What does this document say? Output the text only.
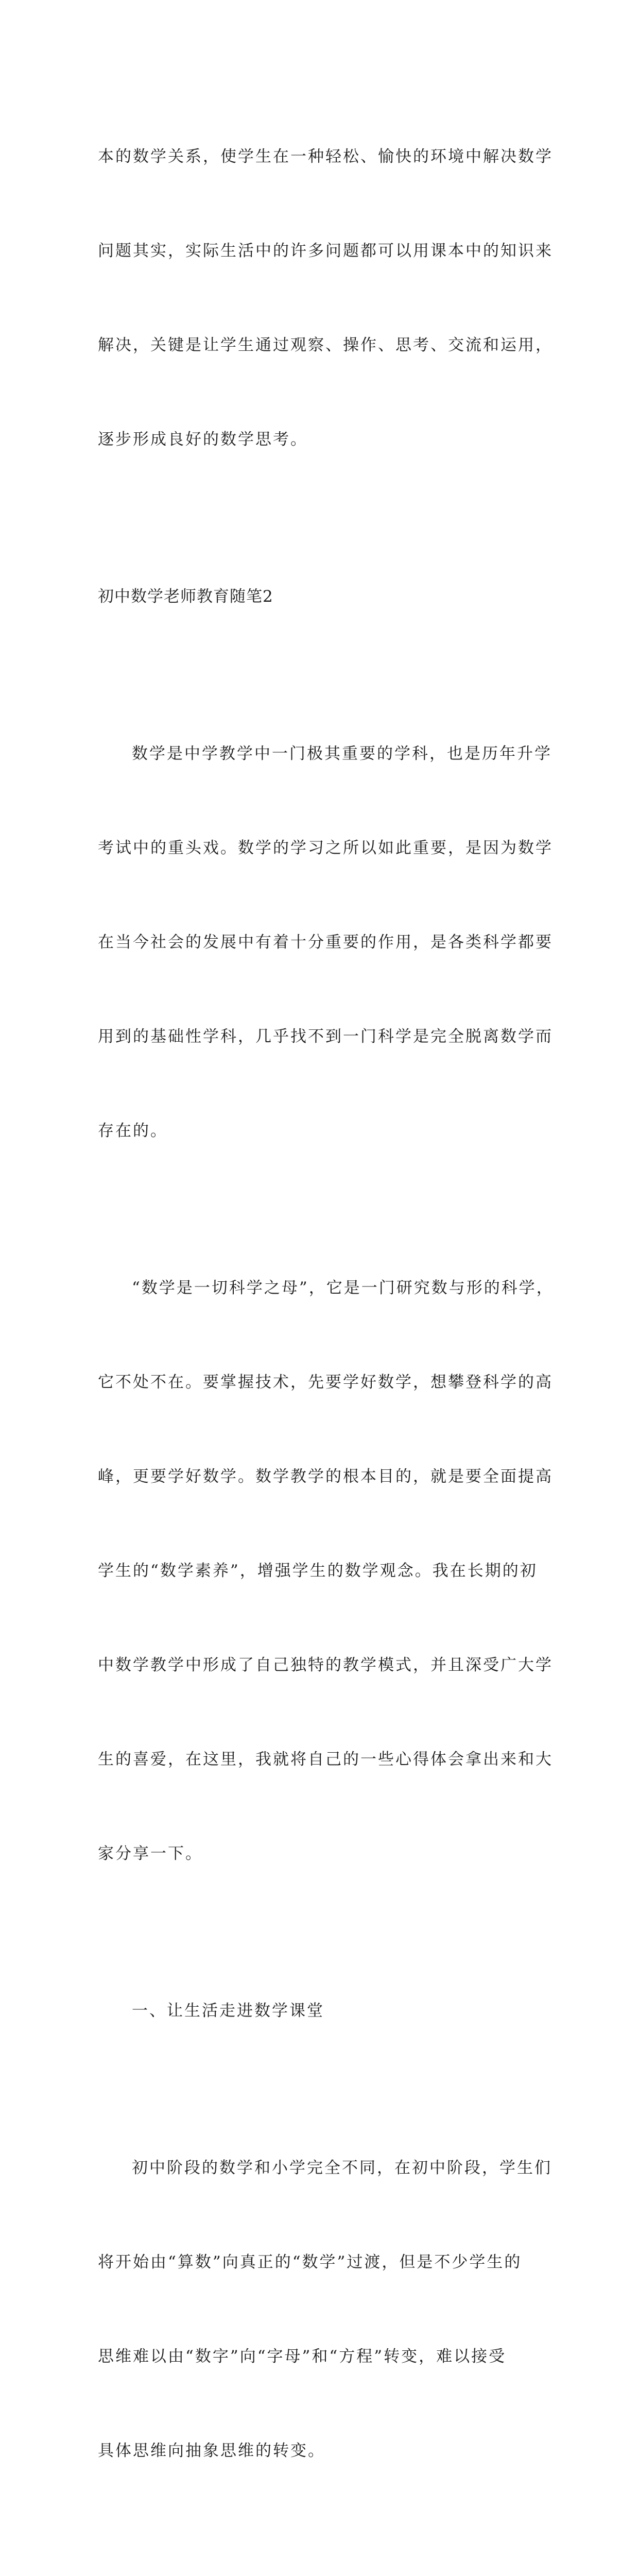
本的数学关系，使学生在一种轻松、愉快的环境中解决数学

问题其实，实际生活中的许多问题都可以用课本中的知识来

解决，关键是让学生通过观察、操作、思考、交流和运用，

逐步形成良好的数学思考。

初中数学老师教育随笔2

数学是中学教学中一门极其重要的学科，也是历年升学

考试中的重头戏。数学的学习之所以如此重要，是因为数学

在当今社会的发展中有着十分重要的作用，是各类科学都要

用到的基础性学科，几乎找不到一门科学是完全脱离数学而

存在的。

“数学是一切科学之母”，它是一门研究数与形的科学，

它不处不在。要掌握技术，先要学好数学，想攀登科学的高

峰，更要学好数学。数学教学的根本目的，就是要全面提高

学生的“数学素养”，增强学生的数学观念。我在长期的初

中数学教学中形成了自己独特的教学模式，并且深受广大学

生的喜爱，在这里，我就将自己的一些心得体会拿出来和大

家分享一下。

一、让生活走进数学课堂

初中阶段的数学和小学完全不同，在初中阶段，学生们

将开始由“算数”向真正的“数学”过渡，但是不少学生的

思维难以由“数字”向“字母”和“方程”转变，难以接受

具体思维向抽象思维的转变。
